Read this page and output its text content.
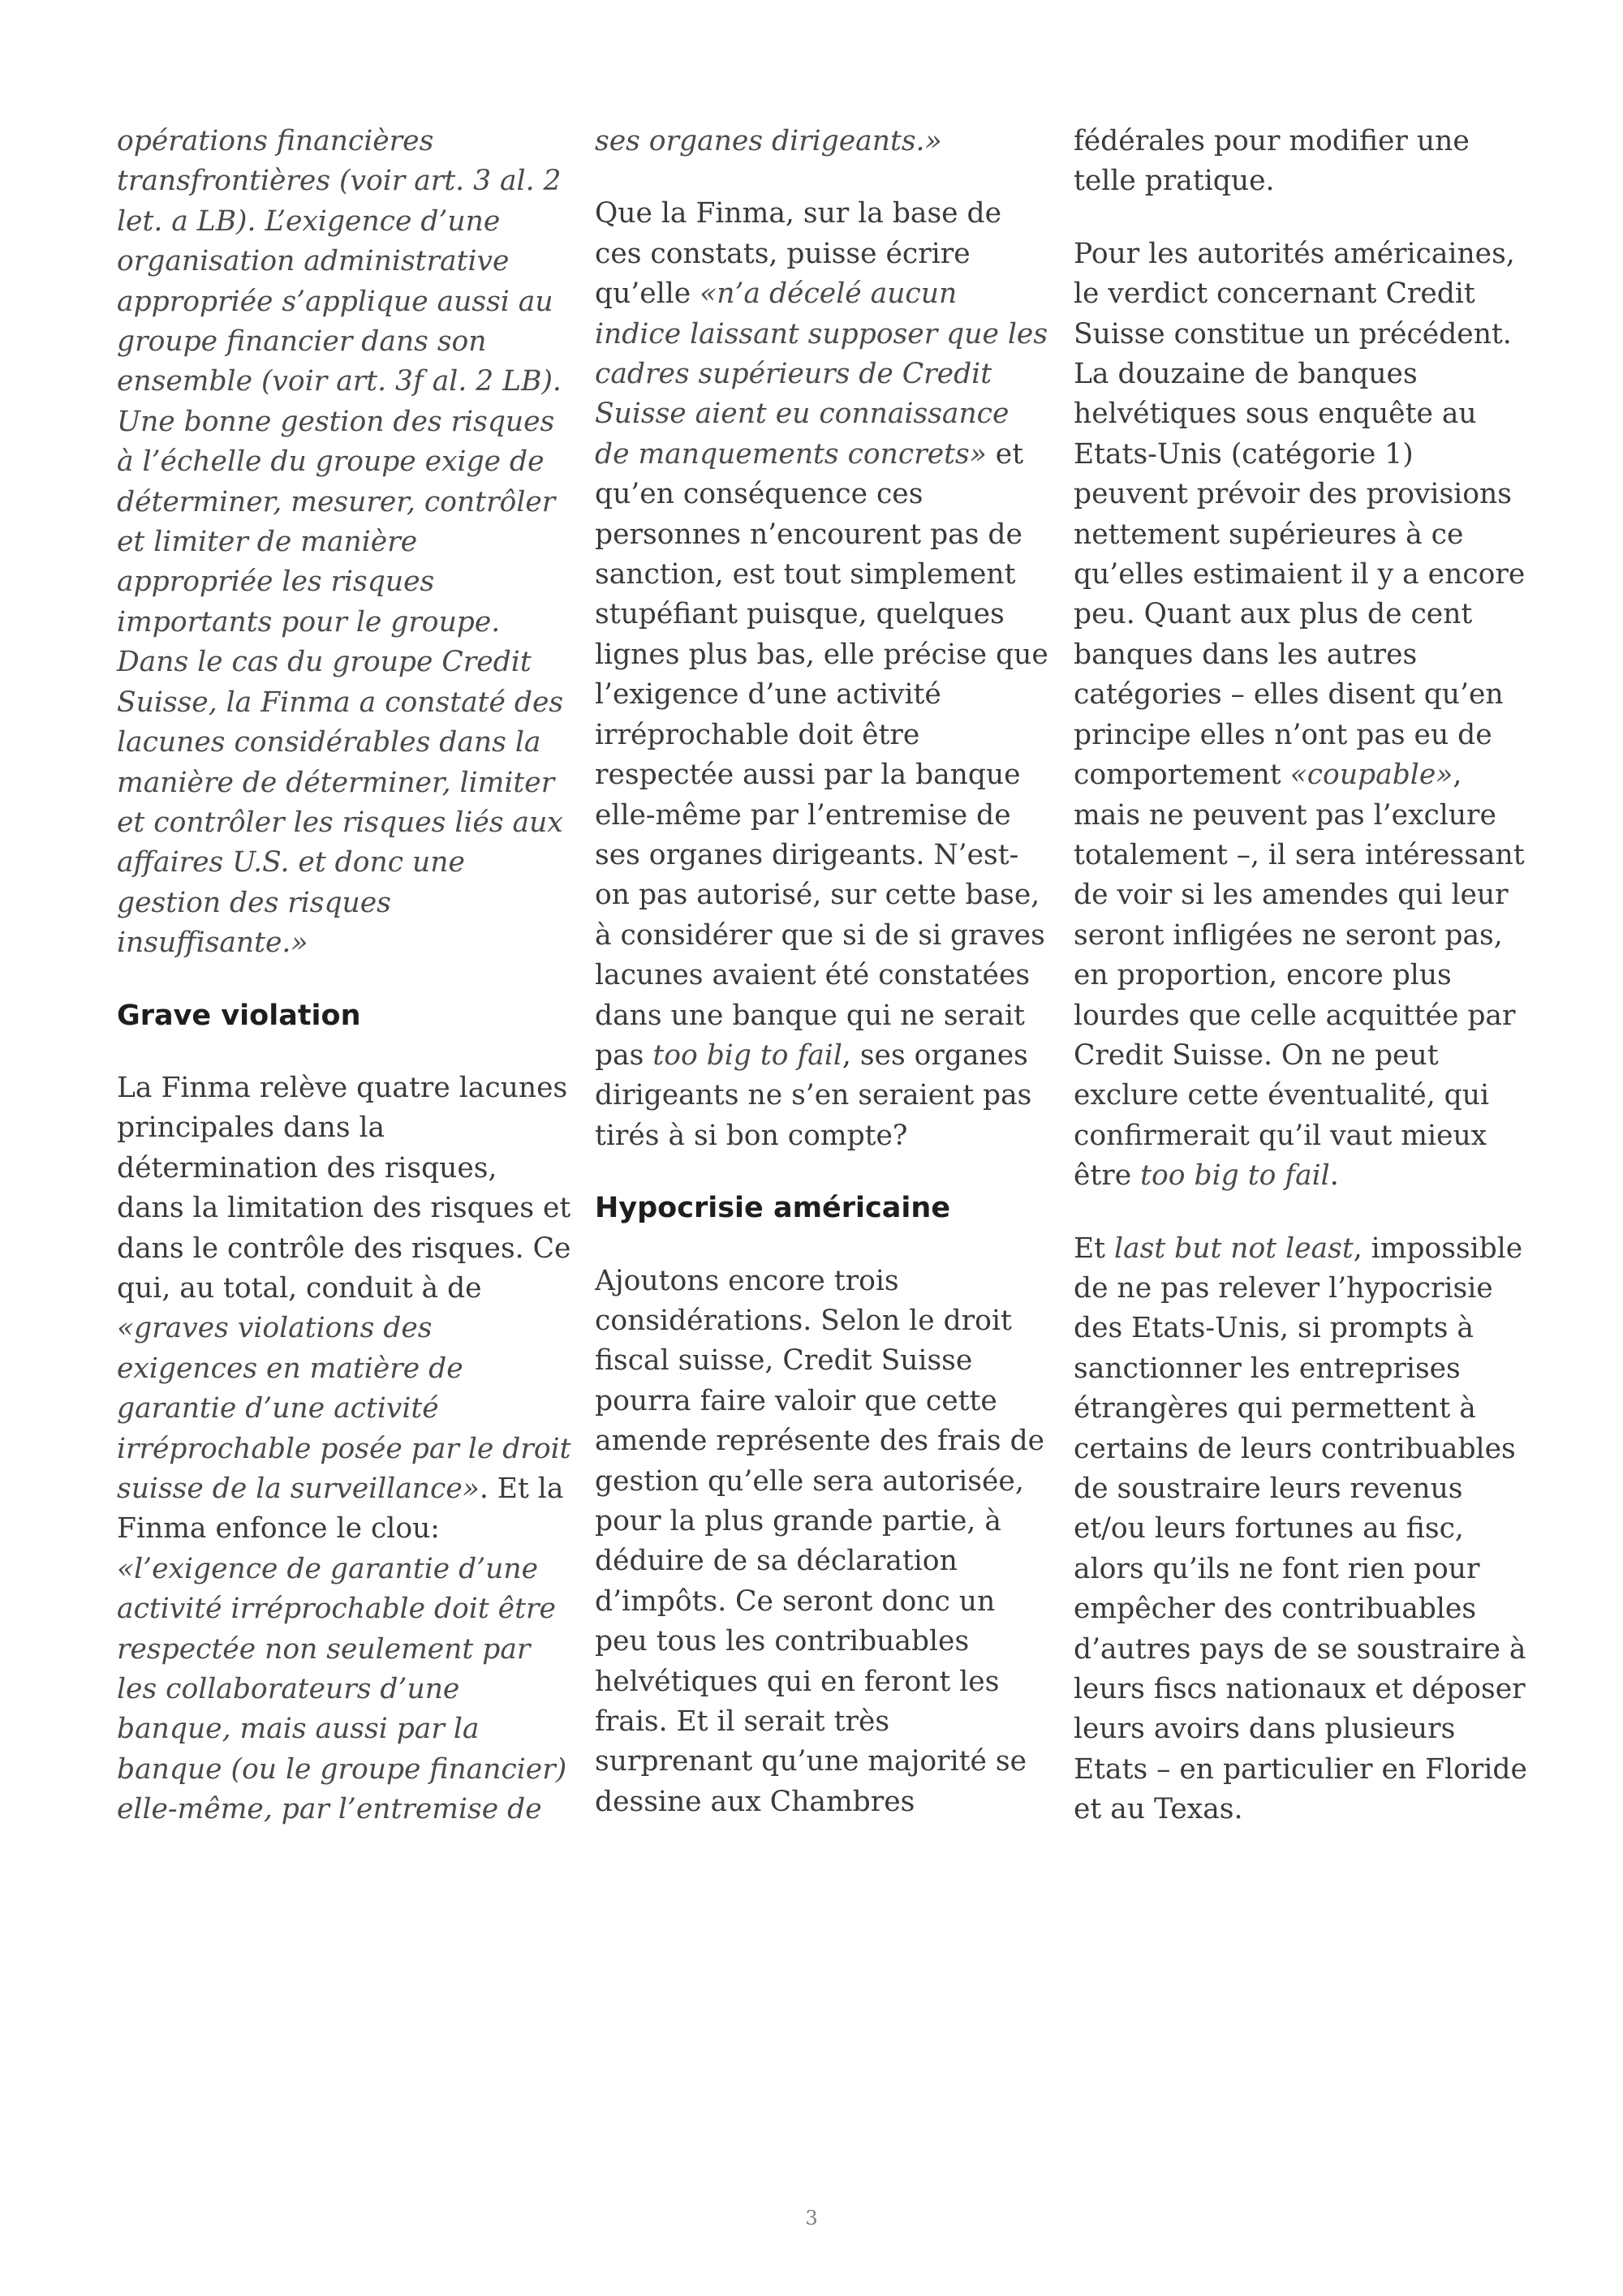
opérations financières transfrontières (voir art. 3 al. 2 let. a LB). L’exigence d’une organisation administrative appropriée s’applique aussi au groupe financier dans son ensemble (voir art. 3f al. 2 LB). Une bonne gestion des risques à l’échelle du groupe exige de déterminer, mesurer, contrôler et limiter de manière appropriée les risques importants pour le groupe. Dans le cas du groupe Credit Suisse, la Finma a constaté des lacunes considérables dans la manière de déterminer, limiter et contrôler les risques liés aux affaires U.S. et donc une gestion des risques insuffisante.»

Grave violation

La Finma relève quatre lacunes principales dans la détermination des risques, dans la limitation des risques et dans le contrôle des risques. Ce qui, au total, conduit à de «graves violations des exigences en matière de garantie d’une activité irréprochable posée par le droit suisse de la surveillance». Et la Finma enfonce le clou: «l’exigence de garantie d’une activité irréprochable doit être respectée non seulement par les collaborateurs d’une banque, mais aussi par la banque (ou le groupe financier) elle-même, par l’entremise de

ses organes dirigeants.»

Que la Finma, sur la base de ces constats, puisse écrire qu’elle «n’a décelé aucun indice laissant supposer que les cadres supérieurs de Credit Suisse aient eu connaissance de manquements concrets» et qu’en conséquence ces personnes n’encourent pas de sanction, est tout simplement stupéfiant puisque, quelques lignes plus bas, elle précise que l’exigence d’une activité irréprochable doit être respectée aussi par la banque elle-même par l’entremise de ses organes dirigeants. N’est-on pas autorisé, sur cette base, à considérer que si de si graves lacunes avaient été constatées dans une banque qui ne serait pas too big to fail, ses organes dirigeants ne s’en seraient pas tirés à si bon compte?

Hypocrisie américaine

Ajoutons encore trois considérations. Selon le droit fiscal suisse, Credit Suisse pourra faire valoir que cette amende représente des frais de gestion qu’elle sera autorisée, pour la plus grande partie, à déduire de sa déclaration d’impôts. Ce seront donc un peu tous les contribuables helvétiques qui en feront les frais. Et il serait très surprenant qu’une majorité se dessine aux Chambres

fédérales pour modifier une telle pratique.

Pour les autorités américaines, le verdict concernant Credit Suisse constitue un précédent. La douzaine de banques helvétiques sous enquête au Etats-Unis (catégorie 1) peuvent prévoir des provisions nettement supérieures à ce qu’elles estimaient il y a encore peu. Quant aux plus de cent banques dans les autres catégories – elles disent qu’en principe elles n’ont pas eu de comportement «coupable», mais ne peuvent pas l’exclure totalement –, il sera intéressant de voir si les amendes qui leur seront infligées ne seront pas, en proportion, encore plus lourdes que celle acquittée par Credit Suisse. On ne peut exclure cette éventualité, qui confirmerait qu’il vaut mieux être too big to fail.

Et last but not least, impossible de ne pas relever l’hypocrisie des Etats-Unis, si prompts à sanctionner les entreprises étrangères qui permettent à certains de leurs contribuables de soustraire leurs revenus et/ou leurs fortunes au fisc, alors qu’ils ne font rien pour empêcher des contribuables d’autres pays de se soustraire à leurs fiscs nationaux et déposer leurs avoirs dans plusieurs Etats – en particulier en Floride et au Texas.

3
